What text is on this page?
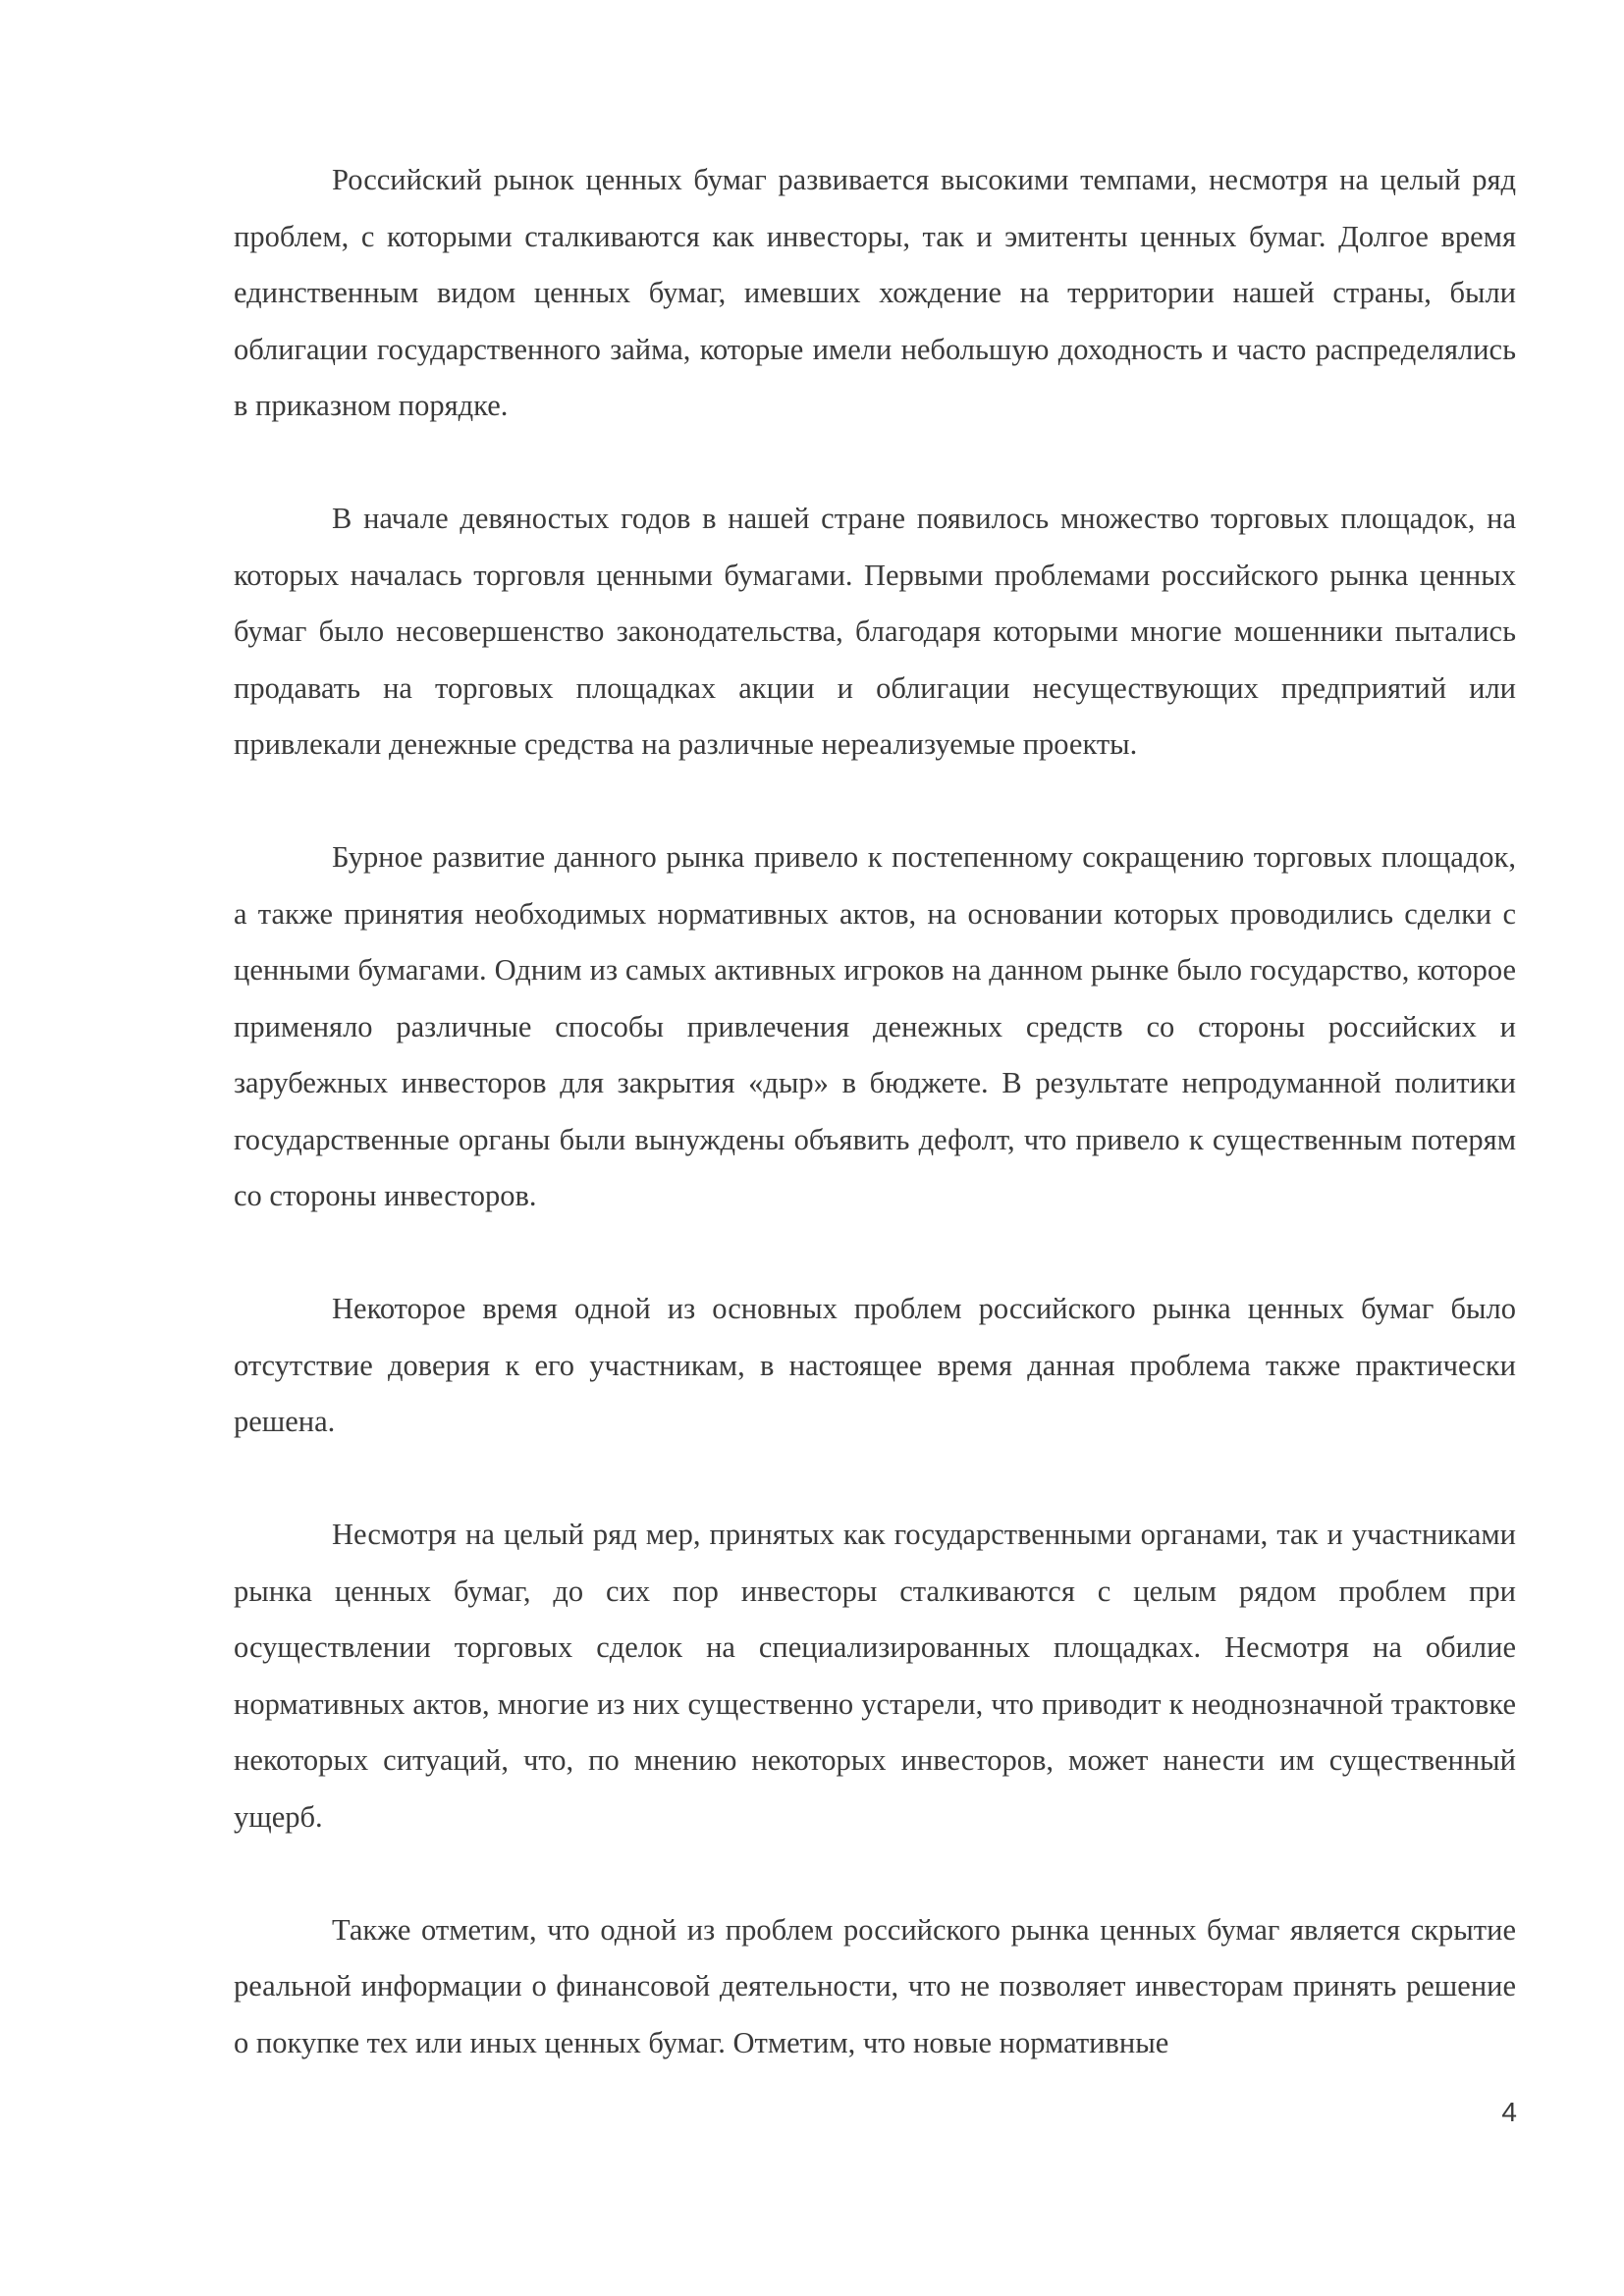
Российский рынок ценных бумаг развивается высокими темпами, несмотря на целый ряд проблем, с которыми сталкиваются как инвесторы, так и эмитенты ценных бумаг. Долгое время единственным видом ценных бумаг, имевших хождение на территории нашей страны, были облигации государственного займа, которые имели небольшую доходность и часто распределялись в приказном порядке.

В начале девяностых годов в нашей стране появилось множество торговых площадок, на которых началась торговля ценными бумагами. Первыми проблемами российского рынка ценных бумаг было несовершенство законодательства, благодаря которыми многие мошенники пытались продавать на торговых площадках акции и облигации несуществующих предприятий или привлекали денежные средства на различные нереализуемые проекты.

Бурное развитие данного рынка привело к постепенному сокращению торговых площадок, а также принятия необходимых нормативных актов, на основании которых проводились сделки с ценными бумагами. Одним из самых активных игроков на данном рынке было государство, которое применяло различные способы привлечения денежных средств со стороны российских и зарубежных инвесторов для закрытия «дыр» в бюджете. В результате непродуманной политики государственные органы были вынуждены объявить дефолт, что привело к существенным потерям со стороны инвесторов.

Некоторое время одной из основных проблем российского рынка ценных бумаг было отсутствие доверия к его участникам, в настоящее время данная проблема также практически решена.

Несмотря на целый ряд мер, принятых как государственными органами, так и участниками рынка ценных бумаг, до сих пор инвесторы сталкиваются с целым рядом проблем при осуществлении торговых сделок на специализированных площадках. Несмотря на обилие нормативных актов, многие из них существенно устарели, что приводит к неоднозначной трактовке некоторых ситуаций, что, по мнению некоторых инвесторов, может нанести им существенный ущерб.

Также отметим, что одной из проблем российского рынка ценных бумаг является скрытие реальной информации о финансовой деятельности, что не позволяет инвесторам принять решение о покупке тех или иных ценных бумаг. Отметим, что новые нормативные

4
